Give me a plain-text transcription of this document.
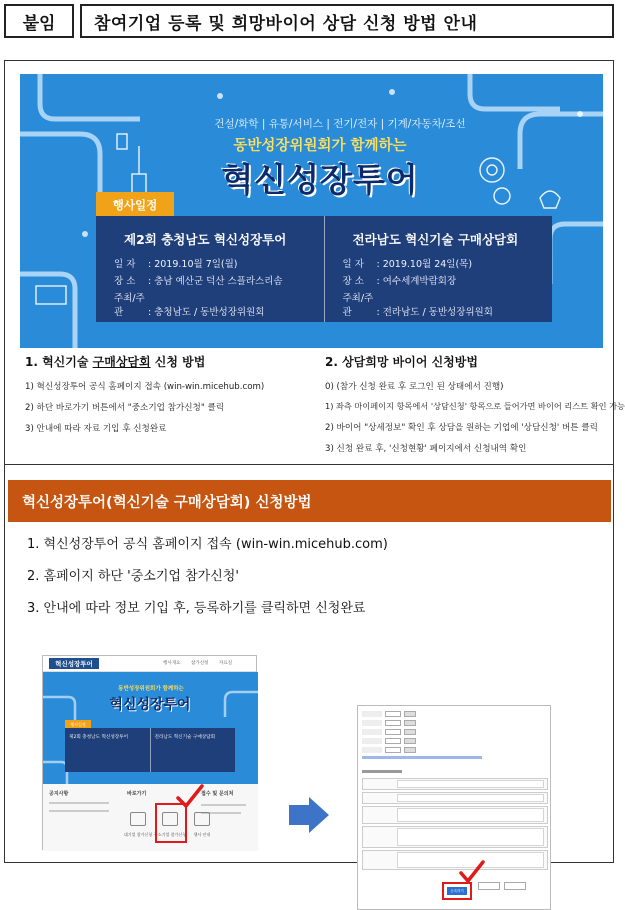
붙임	참여기업 등록 및 희망바이어 상담 신청 방법 안내
건설/화학 | 유통/서비스 | 전기/전자 | 기계/자동차/조선
동반성장위원회가 함께하는
혁신성장투어
행사일정
제2회 충청남도 혁신성장투어
일 자 : 2019.10월 7일(월)
장 소 : 충남 예산군 덕산 스플라스리솜
주최/주관	: 충청남도 / 동반성장위원회
전라남도 혁신기술 구매상담회
일 자 : 2019.10월 24일(목)
장 소 : 여수세계박람회장
주최/주관	: 전라남도 / 동반성장위원회
1. 혁신기술 구매상담회 신청 방법
1) 혁신성장투어 공식 홈페이지 접속 (win-win.micehub.com)
2) 하단 바로가기 버튼에서 "중소기업 참가신청" 클릭
3) 안내에 따라 자료 기입 후 신청완료
2. 상담희망 바이어 신청방법
0) (참가 신청 완료 후 로그인 된 상태에서 진행)
1) 좌측 마이페이지 항목에서 '상담신청' 항목으로 들어가면 바이어 리스트 확인 가능
2) 바이어 "상세정보" 확인 후 상담을 원하는 기업에 '상담신청' 버튼 클릭
3) 신청 완료 후, '신청현황' 페이지에서 신청내역 확인
혁신성장투어(혁신기술 구매상담회) 신청방법
1. 혁신성장투어 공식 홈페이지 접속 (win-win.micehub.com)
2. 홈페이지 하단 '중소기업 참가신청'
3. 안내에 따라 정보 기입 후, 등록하기를 클릭하면 신청완료
혁신성장투어	행사개요 참가신청 자료실
동반성장위원회가 함께하는
혁신성장투어
행사일정
제2회 충청남도 혁신성장투어	전라남도 혁신기술 구매상담회
공지사항	바로가기	접수 및 문의처
대기업 참가신청 중소기업 참가신청	행사 안내
등록하기
